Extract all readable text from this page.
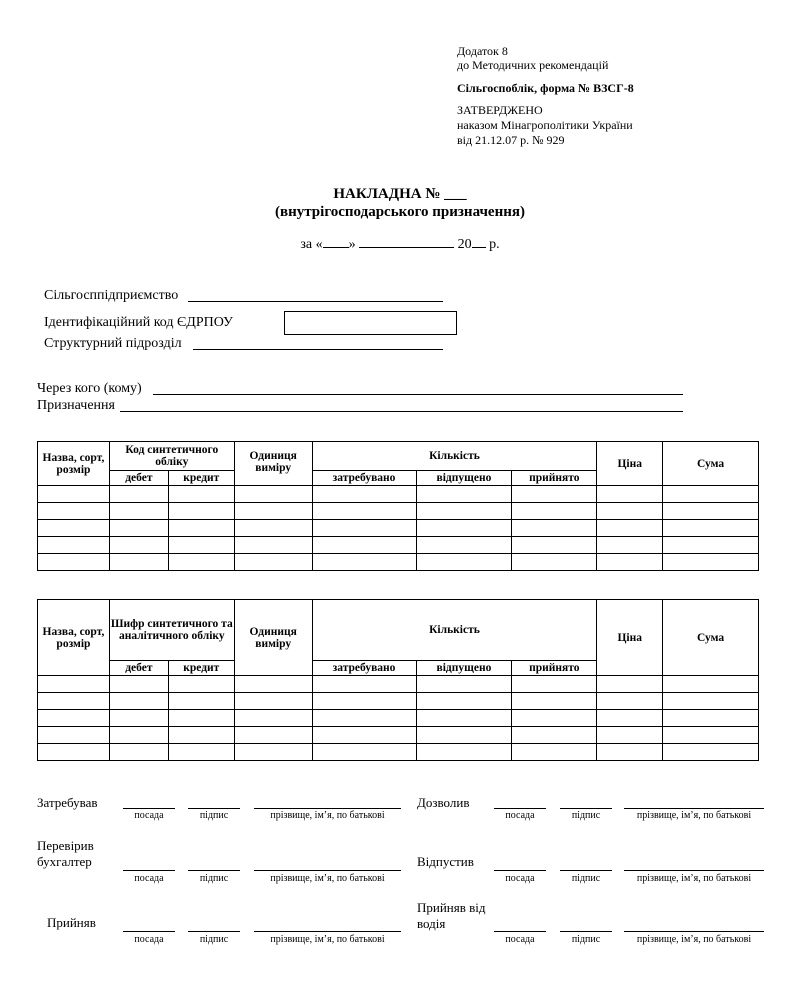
Додаток 8
до Методичних рекомендацій
Сільгоспоблік, форма № ВЗСГ-8
ЗАТВЕРДЖЕНО
наказом Мінагрополітики України
від 21.12.07 р. № 929
НАКЛАДНА № ___
(внутрігосподарського призначення)
за « »	20 р.
Сільгосппідприємство
Ідентифікаційний код ЄДРПОУ
Структурний підрозділ
Через кого (кому)
Призначення
Назва, сорт, розмір	Код синтетичного обліку		Одиниця виміру	Кількість			Ціна	Сума
	дебет	кредит		затребувано	відпущено	прийнято		

Назва, сорт, розмір	Шифр синтетичного та аналітичного обліку		Одиниця виміру	Кількість			Ціна	Сума
	дебет	кредит		затребувано	відпущено	прийнято		

Затребував
посада	підпис	прізвище, ім’я, по батькові
Перевірив бухгалтер
посада	підпис	прізвище, ім’я, по батькові
Прийняв
посада	підпис	прізвище, ім’я, по батькові
Дозволив
посада	підпис	прізвище, ім’я, по батькові
Відпустив
посада	підпис	прізвище, ім’я, по батькові
Прийняв від водія
посада	підпис	прізвище, ім’я, по батькові
